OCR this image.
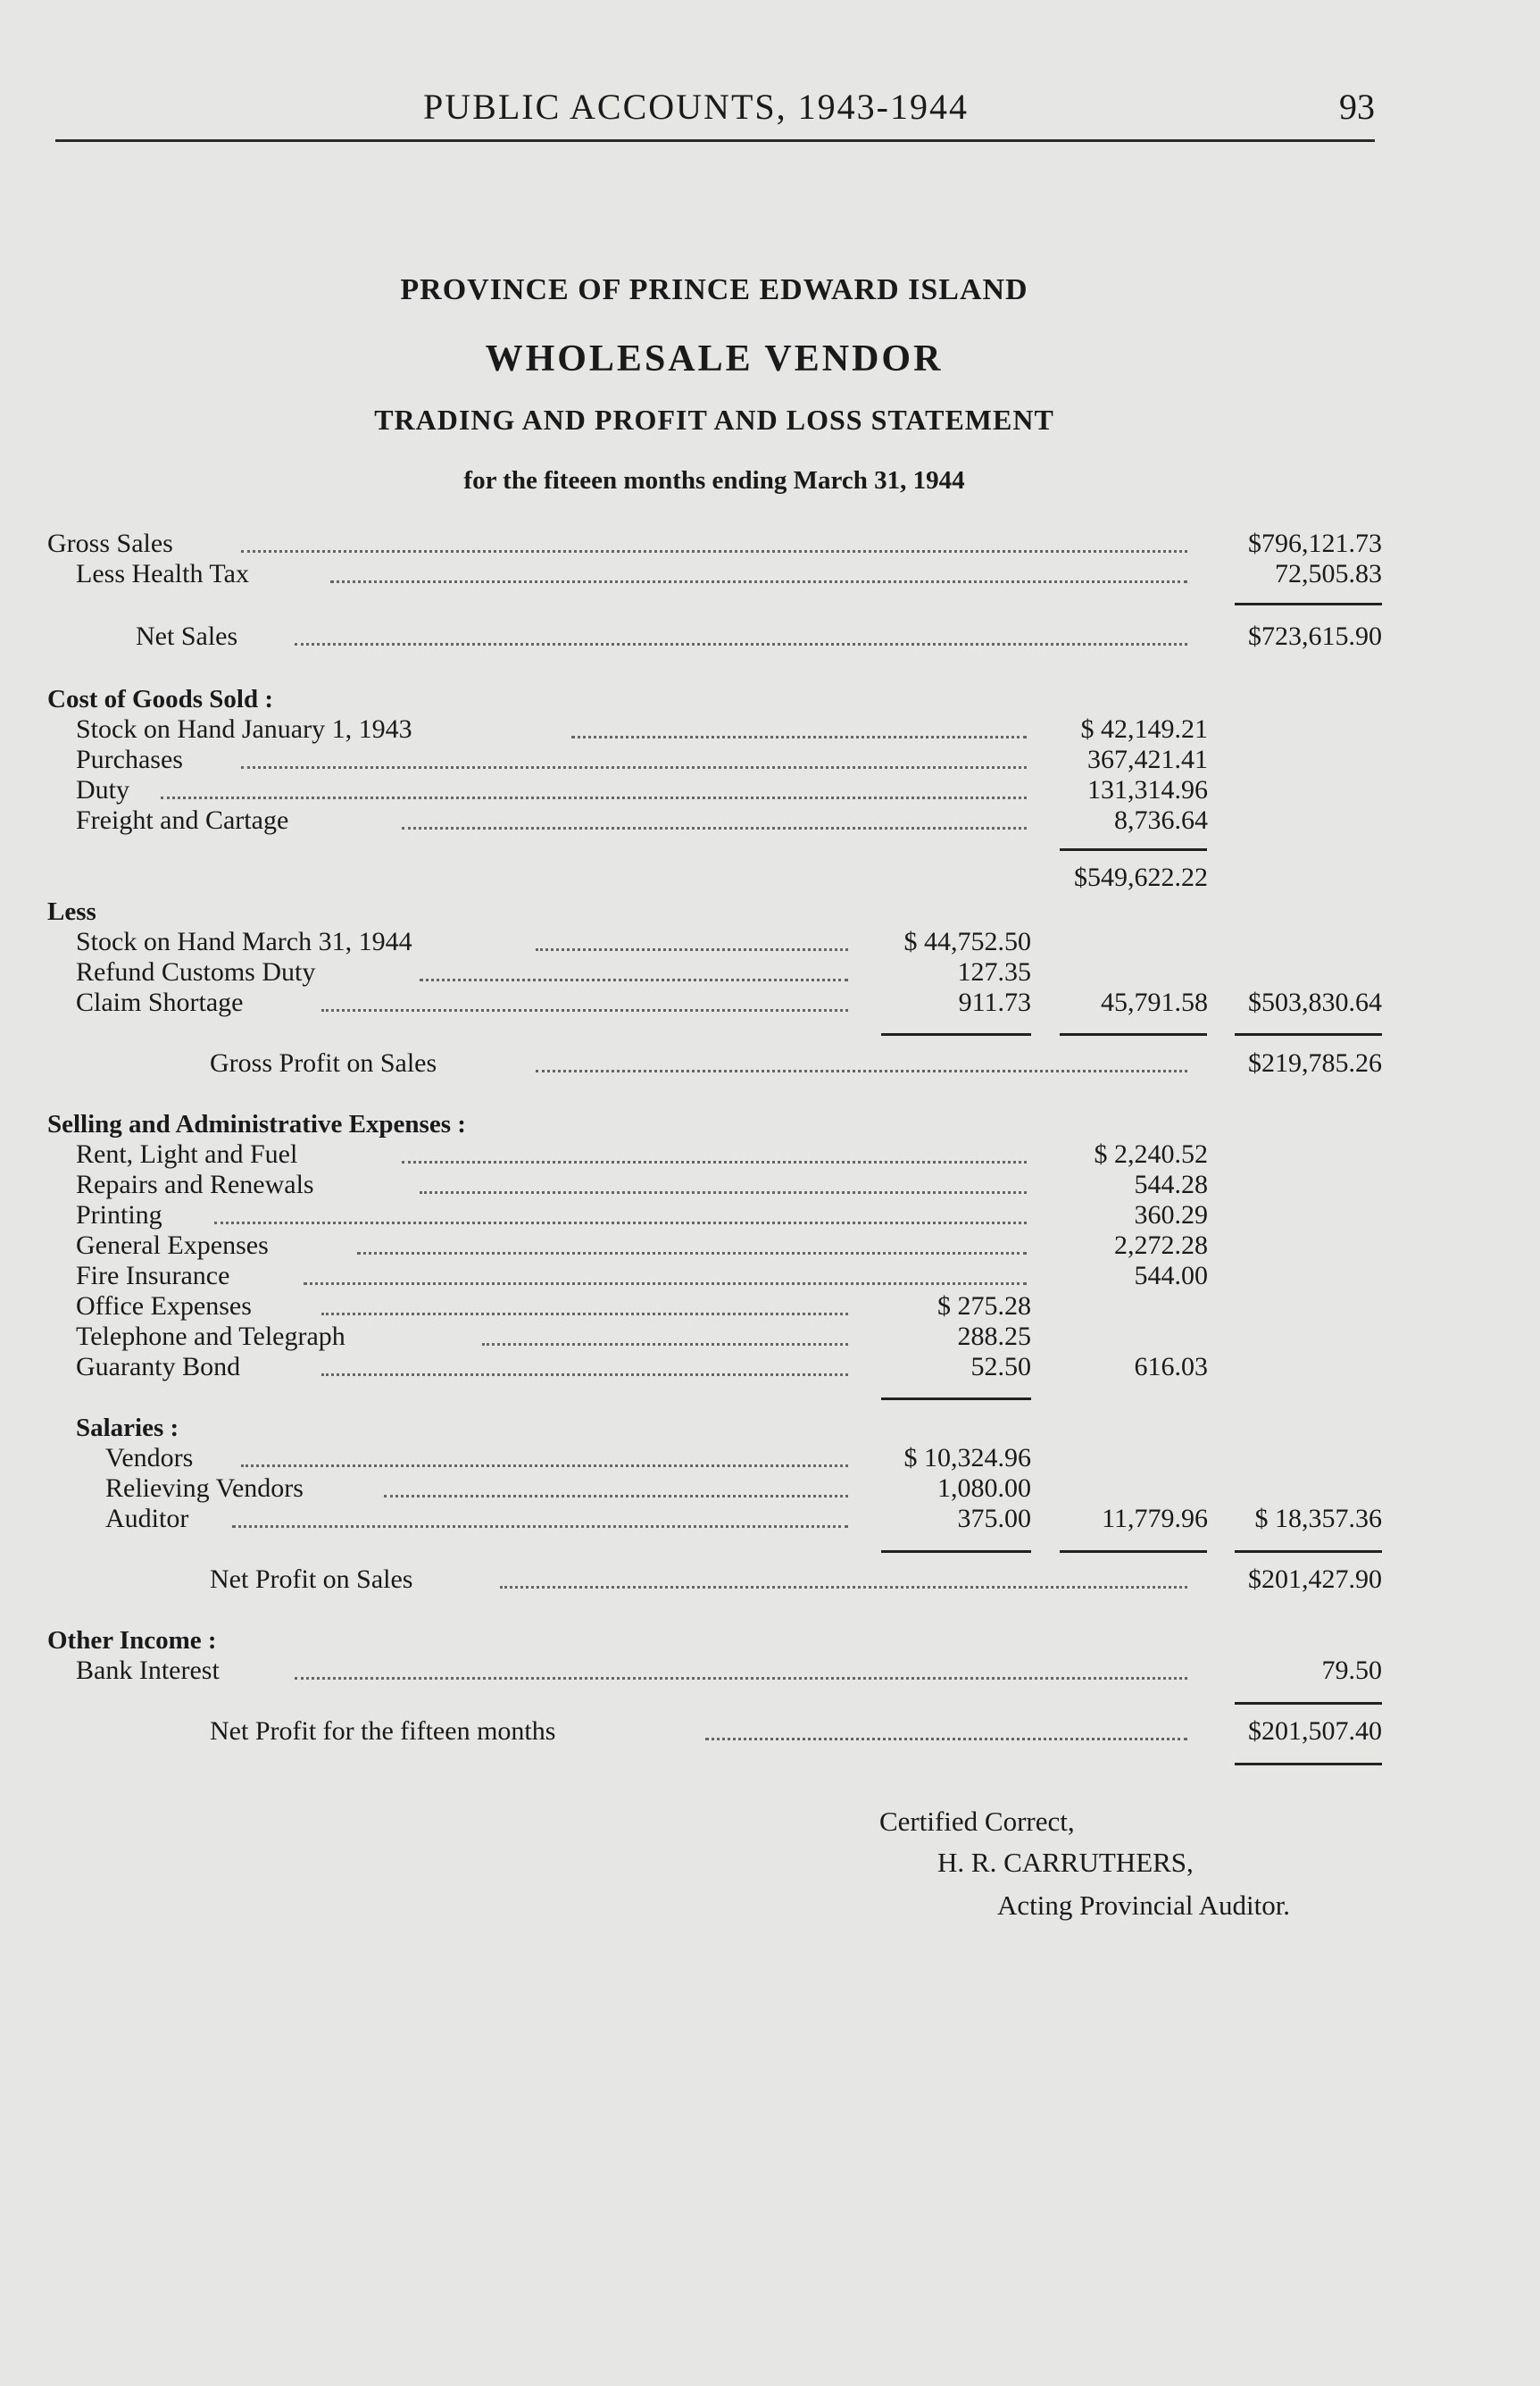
PUBLIC ACCOUNTS, 1943-1944	93
PROVINCE OF PRINCE EDWARD ISLAND
WHOLESALE VENDOR
TRADING AND PROFIT AND LOSS STATEMENT
for the fiteeen months ending March 31, 1944
Gross Sales	$796,121.73
Less Health Tax	72,505.83
Net Sales	$723,615.90
Cost of Goods Sold :
Stock on Hand January 1, 1943	$ 42,149.21
Purchases	367,421.41
Duty	131,314.96
Freight and Cartage	8,736.64
$549,622.22
Less
Stock on Hand March 31, 1944	$ 44,752.50
Refund Customs Duty	127.35
Claim Shortage	911.73	45,791.58 $503,830.64
Gross Profit on Sales	$219,785.26
Selling and Administrative Expenses :
Rent, Light and Fuel	$ 2,240.52
Repairs and Renewals	544.28
Printing	360.29
General Expenses	2,272.28
Fire Insurance	544.00
Office Expenses	$ 275.28
Telephone and Telegraph	288.25
Guaranty Bond	52.50	616.03
Salaries :
Vendors	$ 10,324.96
Relieving Vendors	1,080.00
Auditor	375.00	11,779.96 $ 18,357.36
Net Profit on Sales	$201,427.90
Other Income :
Bank Interest	79.50
Net Profit for the fifteen months	$201,507.40
Certified Correct,
H. R. CARRUTHERS,
Acting Provincial Auditor.
